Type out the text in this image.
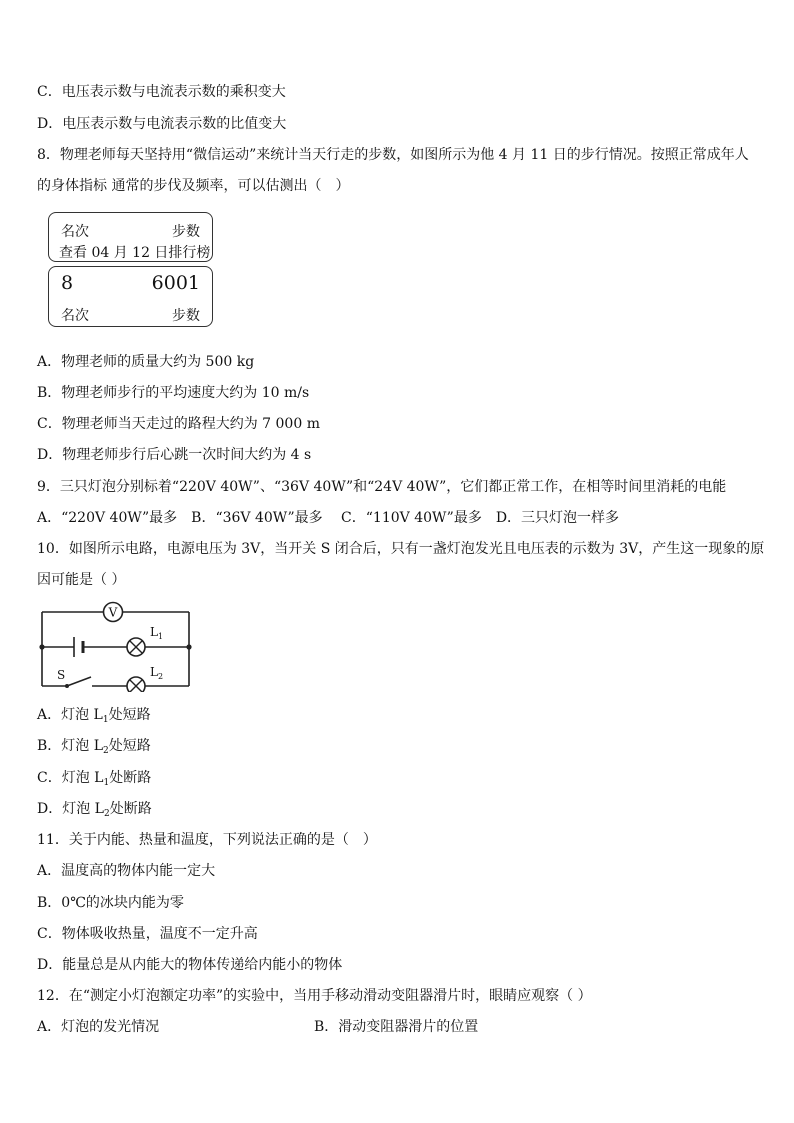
C．电压表示数与电流表示数的乘积变大
D．电压表示数与电流表示数的比值变大
8．物理老师每天坚持用“微信运动”来统计当天行走的步数，如图所示为他 4 月 11 日的步行情况。按照正常成年人
的身体指标 通常的步伐及频率，可以估测出（　）
名次	步数
查看 04 月 12 日排行榜
8	6001
名次	步数
A．物理老师的质量大约为 500 kg
B．物理老师步行的平均速度大约为 10 m/s
C．物理老师当天走过的路程大约为 7 000 m
D．物理老师步行后心跳一次时间大约为 4 s
9．三只灯泡分别标着“220V 40W”、“36V 40W”和“24V 40W”，它们都正常工作，在相等时间里消耗的电能
A．“220V 40W”最多　B．“36V 40W”最多　 C．“110V 40W”最多　D．三只灯泡一样多
10．如图所示电路，电源电压为 3V，当开关 S 闭合后，只有一盏灯泡发光且电压表的示数为 3V，产生这一现象的原
因可能是（ ）
V
$L_1$
$L_2$
S
A．灯泡 $L_1$处短路
B．灯泡 $L_2$处短路
C．灯泡 $L_1$处断路
D．灯泡 $L_2$处断路
11．关于内能、热量和温度，下列说法正确的是（　）
A．温度高的物体内能一定大
B．0℃的冰块内能为零
C．物体吸收热量，温度不一定升高
D．能量总是从内能大的物体传递给内能小的物体
12．在“测定小灯泡额定功率”的实验中，当用手移动滑动变阻器滑片时，眼睛应观察（ ）
A．灯泡的发光情况	B．滑动变阻器滑片的位置
